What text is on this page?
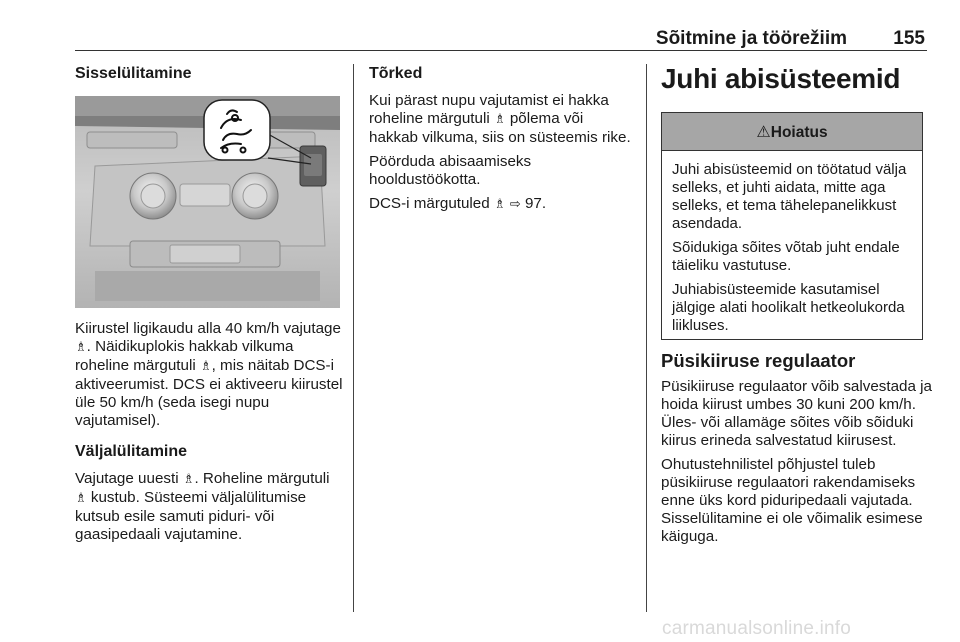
Sõitmine ja töörežiim 155
Sisselülitamine

Kiirustel ligikaudu alla 40 km/h vajutage ♗. Näidikuplokis hakkab vilkuma roheline märgutuli ♗, mis näitab DCS-i aktiveerumist. DCS ei aktiveeru kiirustel üle 50 km/h (seda isegi nupu vajutamisel).

Väljalülitamine

Vajutage uuesti ♗. Roheline märgutuli ♗ kustub. Süsteemi väljalülitumise kutsub esile samuti piduri- või gaasipedaali vajutamine.

Tõrked

Kui pärast nupu vajutamist ei hakka roheline märgutuli ♗ põlema või hakkab vilkuma, siis on süsteemis rike.

Pöörduda abisaamiseks hooldustöökotta.

DCS-i märgutuled ♗ ⇨ 97.

Juhi abisüsteemid
⚠Hoiatus

Juhi abisüsteemid on töötatud välja selleks, et juhti aidata, mitte aga selleks, et tema tähelepanelikkust asendada.

Sõidukiga sõites võtab juht endale täieliku vastutuse.

Juhiabisüsteemide kasutamisel jälgige alati hoolikalt hetkeolukorda liikluses.

Püsikiiruse regulaator

Püsikiiruse regulaator võib salvestada ja hoida kiirust umbes 30 kuni 200 km/h. Üles- või allamäge sõites võib sõiduki kiirus erineda salvestatud kiirusest.

Ohutustehnilistel põhjustel tuleb püsikiiruse regulaatori rakendamiseks enne üks kord piduripedaali vajutada.

Sisselülitamine ei ole võimalik esimese käiguga.

carmanualsonline.info
